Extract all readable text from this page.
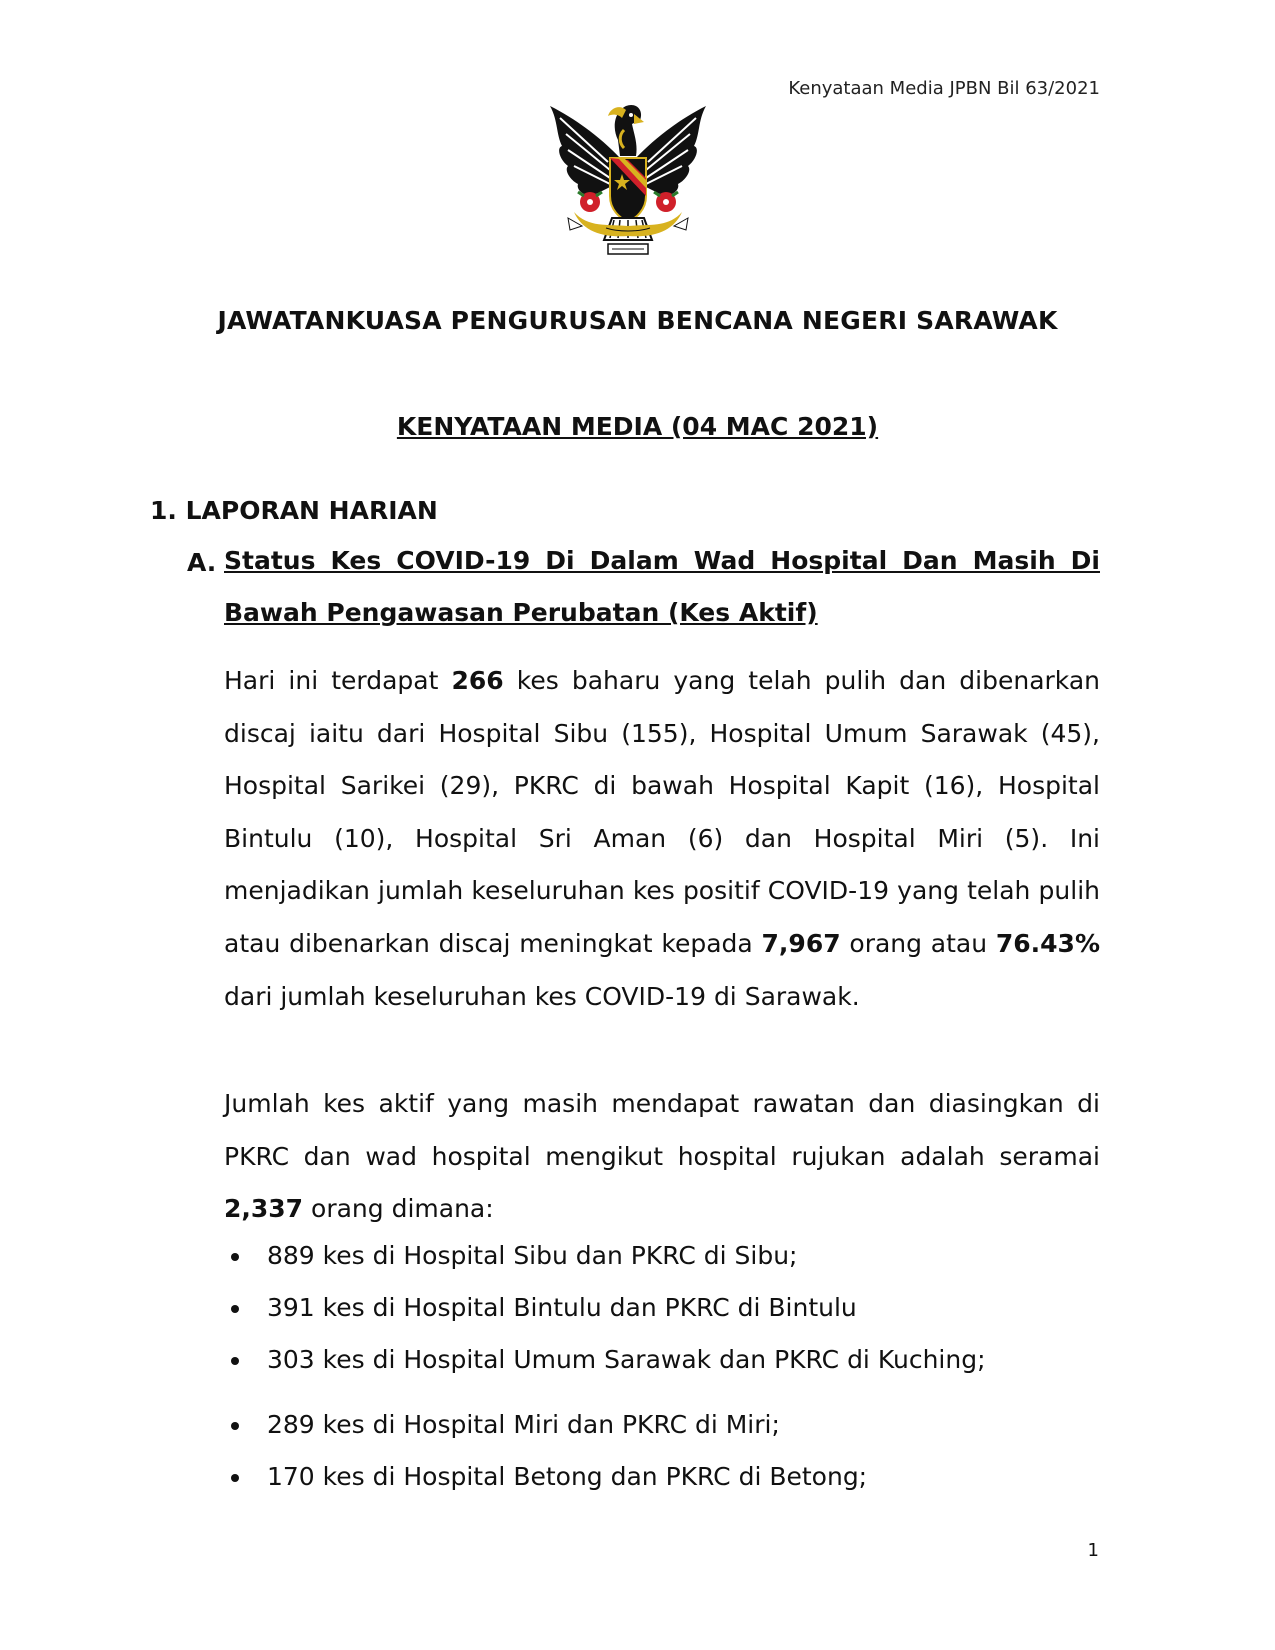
Kenyataan Media JPBN Bil 63/2021
JAWATANKUASA PENGURUSAN BENCANA NEGERI SARAWAK
KENYATAAN MEDIA (04 MAC 2021)
1. LAPORAN HARIAN
A. Status Kes COVID-19 Di Dalam Wad Hospital Dan Masih Di Bawah Pengawasan Perubatan (Kes Aktif)
Hari ini terdapat 266 kes baharu yang telah pulih dan dibenarkan discaj iaitu dari Hospital Sibu (155), Hospital Umum Sarawak (45), Hospital Sarikei (29), PKRC di bawah Hospital Kapit (16), Hospital Bintulu (10), Hospital Sri Aman (6) dan Hospital Miri (5). Ini menjadikan jumlah keseluruhan kes positif COVID-19 yang telah pulih atau dibenarkan discaj meningkat kepada 7,967 orang atau 76.43% dari jumlah keseluruhan kes COVID-19 di Sarawak.
Jumlah kes aktif yang masih mendapat rawatan dan diasingkan di PKRC dan wad hospital mengikut hospital rujukan adalah seramai 2,337 orang dimana:
889 kes di Hospital Sibu dan PKRC di Sibu;
391 kes di Hospital Bintulu dan PKRC di Bintulu
303 kes di Hospital Umum Sarawak dan PKRC di Kuching;
289 kes di Hospital Miri dan PKRC di Miri;
170 kes di Hospital Betong dan PKRC di Betong;
1
